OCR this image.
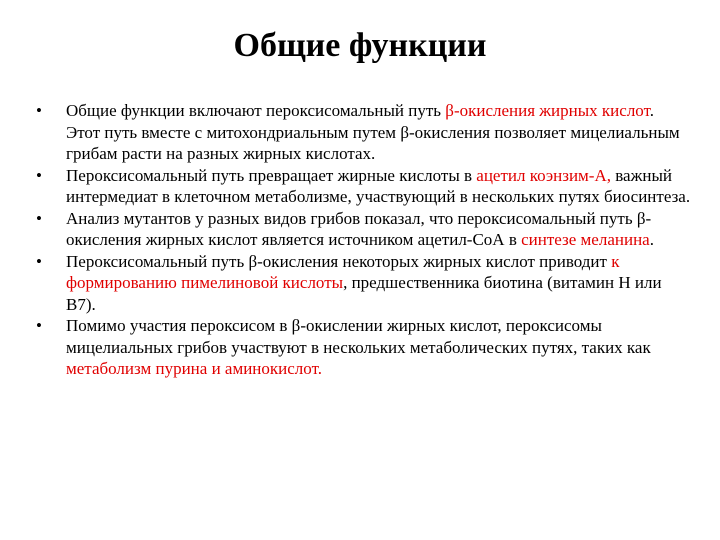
Общие функции
• Общие функции включают пероксисомальный путь β-окисления жирных кислот. Этот путь вместе с митохондриальным путем β-окисления позволяет мицелиальным грибам расти на разных жирных кислотах.
• Пероксисомальный путь превращает жирные кислоты в ацетил коэнзим-А, важный интермедиат в клеточном метаболизме, участвующий в нескольких путях биосинтеза.
• Анализ мутантов у разных видов грибов показал, что пероксисомальный путь β-окисления жирных кислот является источником ацетил-СоА в синтезе меланина.
• Пероксисомальный путь β-окисления некоторых жирных кислот приводит к формированию пимелиновой кислоты, предшественника биотина (витамин H или B7).
• Помимо участия пероксисом в β-окислении жирных кислот, пероксисомы мицелиальных грибов участвуют в нескольких метаболических путях, таких как метаболизм пурина и аминокислот.
